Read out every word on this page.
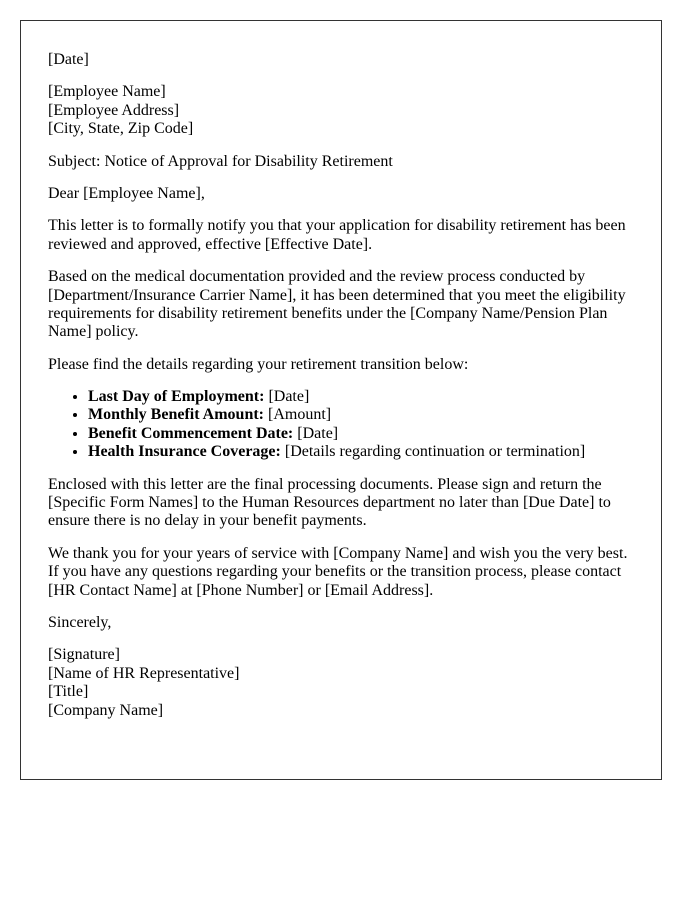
[Date]

[Employee Name]
[Employee Address]
[City, State, Zip Code]

Subject: Notice of Approval for Disability Retirement

Dear [Employee Name],

This letter is to formally notify you that your application for disability retirement has been reviewed and approved, effective [Effective Date].

Based on the medical documentation provided and the review process conducted by [Department/Insurance Carrier Name], it has been determined that you meet the eligibility requirements for disability retirement benefits under the [Company Name/Pension Plan Name] policy.

Please find the details regarding your retirement transition below:

• Last Day of Employment: [Date]
• Monthly Benefit Amount: [Amount]
• Benefit Commencement Date: [Date]
• Health Insurance Coverage: [Details regarding continuation or termination]

Enclosed with this letter are the final processing documents. Please sign and return the [Specific Form Names] to the Human Resources department no later than [Due Date] to ensure there is no delay in your benefit payments.

We thank you for your years of service with [Company Name] and wish you the very best. If you have any questions regarding your benefits or the transition process, please contact [HR Contact Name] at [Phone Number] or [Email Address].

Sincerely,

[Signature]
[Name of HR Representative]
[Title]
[Company Name]
